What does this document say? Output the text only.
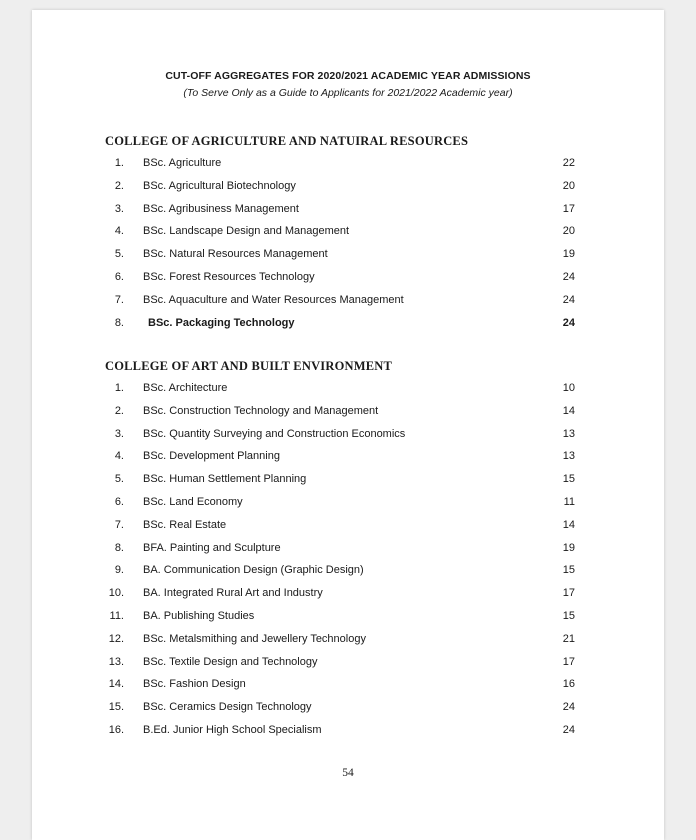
CUT-OFF AGGREGATES FOR 2020/2021 ACADEMIC YEAR ADMISSIONS
(To Serve Only as a Guide to Applicants for 2021/2022 Academic year)
COLLEGE OF AGRICULTURE AND NATUIRAL RESOURCES
1. BSc. Agriculture	22
2. BSc. Agricultural Biotechnology	20
3. BSc. Agribusiness Management	17
4. BSc. Landscape Design and Management	20
5. BSc. Natural Resources Management	19
6. BSc. Forest Resources Technology	24
7. BSc. Aquaculture and Water Resources Management	24
8. BSc. Packaging Technology	24
COLLEGE OF ART AND BUILT ENVIRONMENT
1. BSc. Architecture	10
2. BSc. Construction Technology and Management	14
3. BSc. Quantity Surveying and Construction Economics	13
4. BSc. Development Planning	13
5. BSc. Human Settlement Planning	15
6. BSc. Land Economy	11
7. BSc. Real Estate	14
8. BFA. Painting and Sculpture	19
9. BA. Communication Design (Graphic Design)	15
10. BA. Integrated Rural Art and Industry	17
11. BA. Publishing Studies	15
12. BSc. Metalsmithing and Jewellery Technology	21
13. BSc. Textile Design and Technology	17
14. BSc. Fashion Design	16
15. BSc. Ceramics Design Technology	24
16. B.Ed. Junior High School Specialism	24
54
